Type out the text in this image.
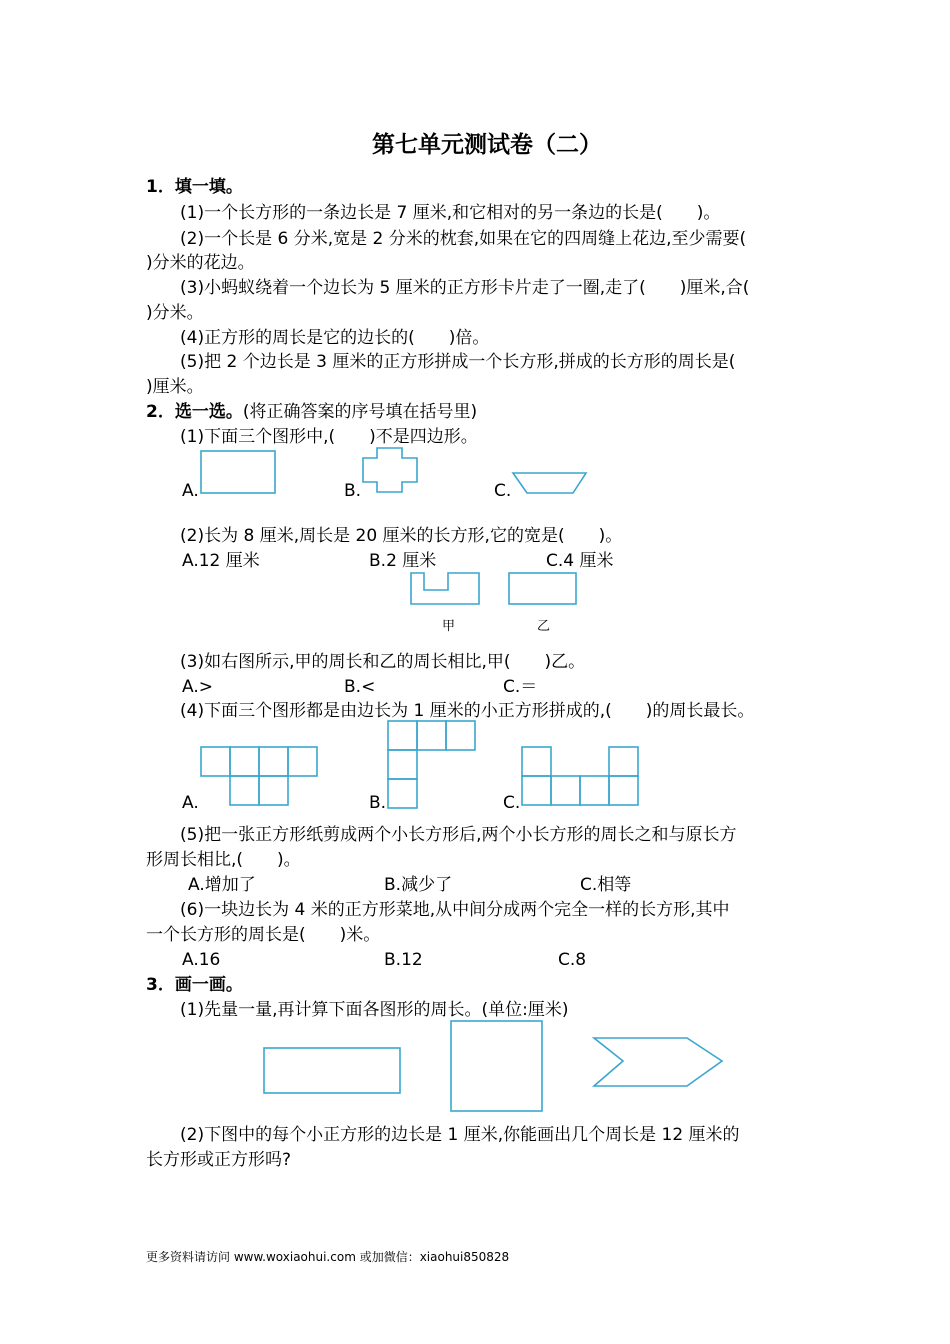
第七单元测试卷（二）
1．填一填。
(1)一个长方形的一条边长是 7 厘米,和它相对的另一条边的长是(　　)。
(2)一个长是 6 分米,宽是 2 分米的枕套,如果在它的四周缝上花边,至少需要(
)分米的花边。
(3)小蚂蚁绕着一个边长为 5 厘米的正方形卡片走了一圈,走了(　　)厘米,合(
)分米。
(4)正方形的周长是它的边长的(　　)倍。
(5)把 2 个边长是 3 厘米的正方形拼成一个长方形,拼成的长方形的周长是(
)厘米。
2．选一选。(将正确答案的序号填在括号里)
(1)下面三个图形中,(　　)不是四边形。
A.	B.	C.
(2)长为 8 厘米,周长是 20 厘米的长方形,它的宽是(　　)。
A.12 厘米	B.2 厘米	C.4 厘米
甲	乙
(3)如右图所示,甲的周长和乙的周长相比,甲(　　)乙。
A.>	B.<	C.＝
(4)下面三个图形都是由边长为 1 厘米的小正方形拼成的,(　　)的周长最长。
A.	B.	C.
(5)把一张正方形纸剪成两个小长方形后,两个小长方形的周长之和与原长方
形周长相比,(　　)。
A.增加了	B.减少了	C.相等
(6)一块边长为 4 米的正方形菜地,从中间分成两个完全一样的长方形,其中
一个长方形的周长是(　　)米。
A.16	B.12	C.8
3．画一画。
(1)先量一量,再计算下面各图形的周长。(单位:厘米)
(2)下图中的每个小正方形的边长是 1 厘米,你能画出几个周长是 12 厘米的
长方形或正方形吗?
更多资料请访问 www.woxiaohui.com 或加微信：xiaohui850828
